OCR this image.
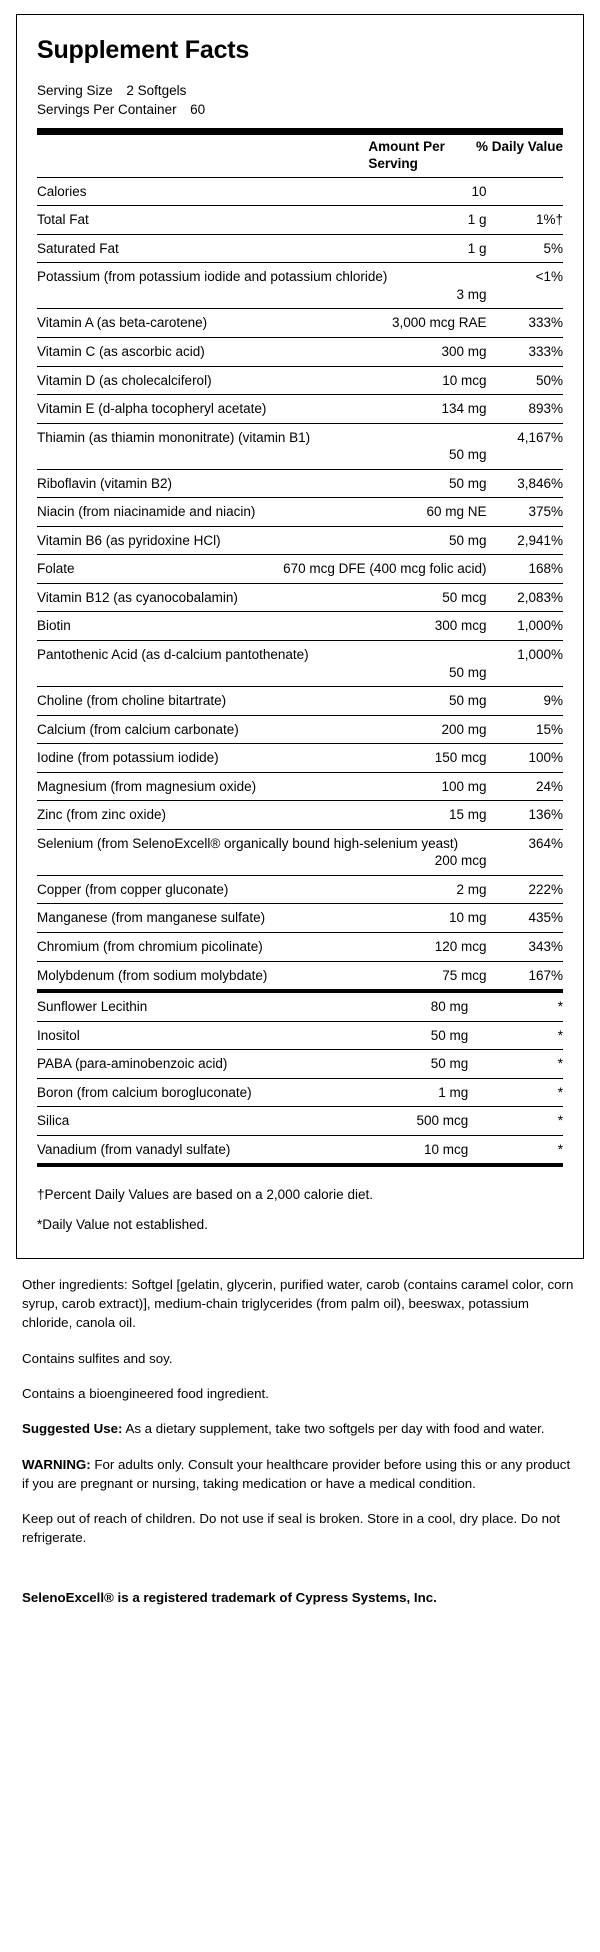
Supplement Facts
Serving Size 2 Softgels
Servings Per Container 60
	Amount Per Serving	% Daily Value
Calories	10	
Total Fat	1 g	1%†
Saturated Fat	1 g	5%

Potassium (from potassium iodide and potassium chloride)
3 mg		<1%
Vitamin A (as beta-carotene)	3,000 mcg RAE	333%
Vitamin C (as ascorbic acid)	300 mg	333%
Vitamin D (as cholecalciferol)	10 mcg	50%
Vitamin E (d-alpha tocopheryl acetate)	134 mg	893%

Thiamin (as thiamin mononitrate) (vitamin B1)
50 mg		4,167%
Riboflavin (vitamin B2)	50 mg	3,846%
Niacin (from niacinamide and niacin)	60 mg NE	375%
Vitamin B6 (as pyridoxine HCl)	50 mg	2,941%
Folate	670 mcg DFE (400 mcg folic acid)	168%
Vitamin B12 (as cyanocobalamin)	50 mcg	2,083%
Biotin	300 mcg	1,000%

Pantothenic Acid (as d-calcium pantothenate)
50 mg		1,000%
Choline (from choline bitartrate)	50 mg	9%
Calcium (from calcium carbonate)	200 mg	15%
Iodine (from potassium iodide)	150 mcg	100%
Magnesium (from magnesium oxide)	100 mg	24%
Zinc (from zinc oxide)	15 mg	136%

Selenium (from SelenoExcell® organically bound high-selenium yeast)
200 mcg		364%
Copper (from copper gluconate)	2 mg	222%
Manganese (from manganese sulfate)	10 mg	435%
Chromium (from chromium picolinate)	120 mcg	343%
Molybdenum (from sodium molybdate)	75 mcg	167%
Sunflower Lecithin	80 mg	*
Inositol	50 mg	*
PABA (para-aminobenzoic acid)	50 mg	*
Boron (from calcium borogluconate)	1 mg	*
Silica	500 mcg	*
Vanadium (from vanadyl sulfate)	10 mcg	*
†Percent Daily Values are based on a 2,000 calorie diet.
*Daily Value not established.

Other ingredients: Softgel [gelatin, glycerin, purified water, carob (contains caramel color, corn syrup, carob extract)], medium-chain triglycerides (from palm oil), beeswax, potassium chloride, canola oil.

Contains sulfites and soy.

Contains a bioengineered food ingredient.

Suggested Use: As a dietary supplement, take two softgels per day with food and water.

WARNING: For adults only. Consult your healthcare provider before using this or any product if you are pregnant or nursing, taking medication or have a medical condition.

Keep out of reach of children. Do not use if seal is broken. Store in a cool, dry place. Do not refrigerate.

SelenoExcell® is a registered trademark of Cypress Systems, Inc.
